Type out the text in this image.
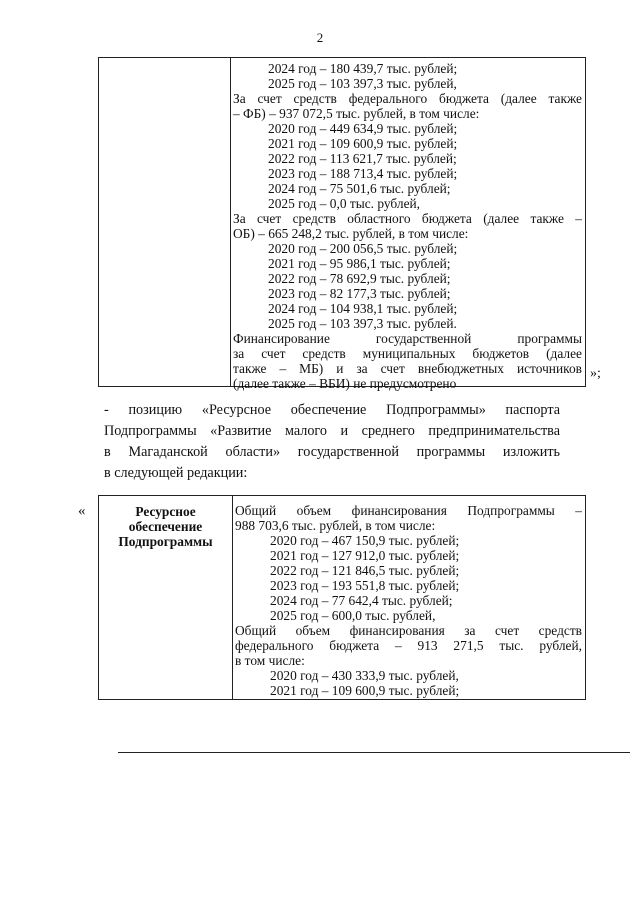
2
2024 год – 180 439,7 тыс. рублей;
2025 год – 103 397,3 тыс. рублей,
За счет средств федерального бюджета (далее также
– ФБ) – 937 072,5 тыс. рублей, в том числе:
2020 год – 449 634,9 тыс. рублей;
2021 год – 109 600,9 тыс. рублей;
2022 год – 113 621,7 тыс. рублей;
2023 год – 188 713,4 тыс. рублей;
2024 год – 75 501,6 тыс. рублей;
2025 год – 0,0 тыс. рублей,
За счет средств областного бюджета (далее также –
ОБ) – 665 248,2 тыс. рублей, в том числе:
2020 год – 200 056,5 тыс. рублей;
2021 год – 95 986,1 тыс. рублей;
2022 год – 78 692,9 тыс. рублей;
2023 год – 82 177,3 тыс. рублей;
2024 год – 104 938,1 тыс. рублей;
2025 год – 103 397,3 тыс. рублей.
Финансирование государственной программы
за счет средств муниципальных бюджетов (далее
также – МБ) и за счет внебюджетных источников
(далее также – ВБИ) не предусмотрено
»;
- позицию «Ресурсное обеспечение Подпрограммы» паспорта
Подпрограммы «Развитие малого и среднего предпринимательства
в Магаданской области» государственной программы изложить
в следующей редакции:
«	Ресурсное
обеспечение
Подпрограммы
Общий объем финансирования Подпрограммы –
988 703,6 тыс. рублей, в том числе:
2020 год – 467 150,9 тыс. рублей;
2021 год – 127 912,0 тыс. рублей;
2022 год – 121 846,5 тыс. рублей;
2023 год – 193 551,8 тыс. рублей;
2024 год – 77 642,4 тыс. рублей;
2025 год – 600,0 тыс. рублей,
Общий объем финансирования за счет средств
федерального бюджета – 913 271,5 тыс. рублей,
в том числе:
2020 год – 430 333,9 тыс. рублей,
2021 год – 109 600,9 тыс. рублей;
